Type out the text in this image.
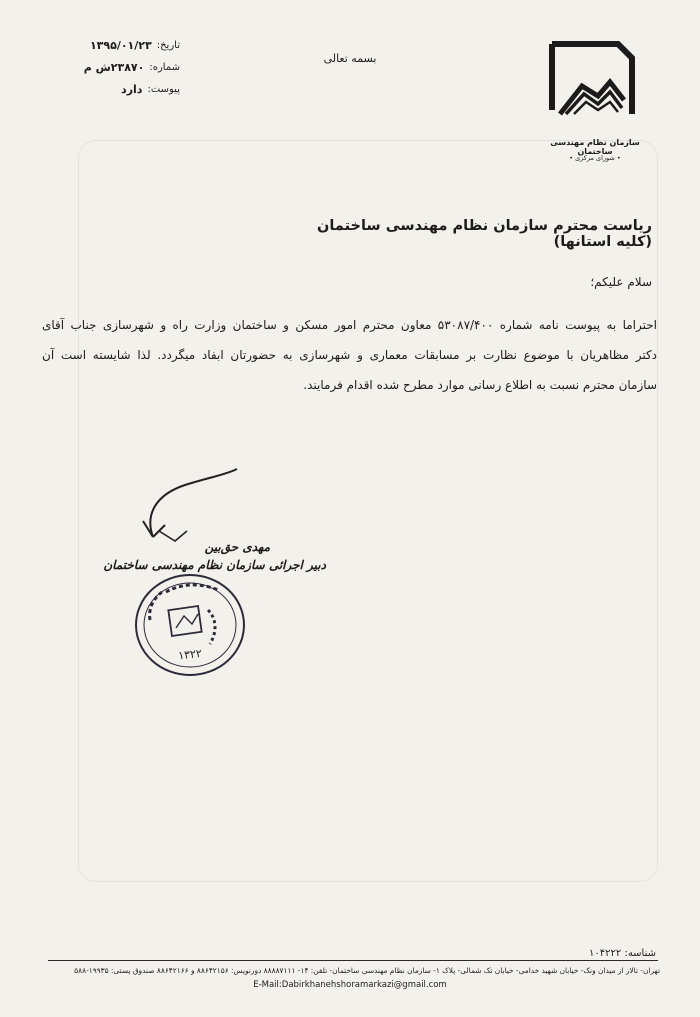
سازمان نظام مهندسی ساختمان
• شورای مرکزی •
بسمه تعالی
تاریخ:
۱۳۹۵/۰۱/۲۳
شماره:
۲۳۸۷۰ش م
پیوست:
دارد
ریاست محترم سازمان نظام مهندسی ساختمان (کلیه استانها)
سلام علیکم؛
احتراما به پیوست نامه شماره ۵۳۰۸۷/۴۰۰ معاون محترم امور مسکن و ساختمان وزارت راه و شهرسازی جناب آقای
دکتر مظاهریان با موضوع نظارت بر مسابقات معماری و شهرسازی به حضورتان ابفاد میگردد. لذا شایسته است آن
سازمان محترم نسبت به اطلاع رسانی موارد مطرح شده اقدام فرمایند.
مهدی حق‌بین
دبیر اجرائی سازمان نظام مهندسی ساختمان
۱۳۲۲
شناسه: ۱۰۴۲۲۲
تهران- تالار از میدان ونک- خیابان شهید خدامی- خیابان تک شمالی- پلاک ۱- سازمان نظام مهندسی ساختمان- تلفن: ۱۴- ۸۸۸۸۷۱۱۱ دورنویس: ۸۸۶۴۲۱۵۶ و ۸۸۶۴۲۱۶۶ صندوق پستی: ۱۹۹۳۵-۵۸۸
E-Mail:Dabirkhanehshoramarkazi@gmail.com
